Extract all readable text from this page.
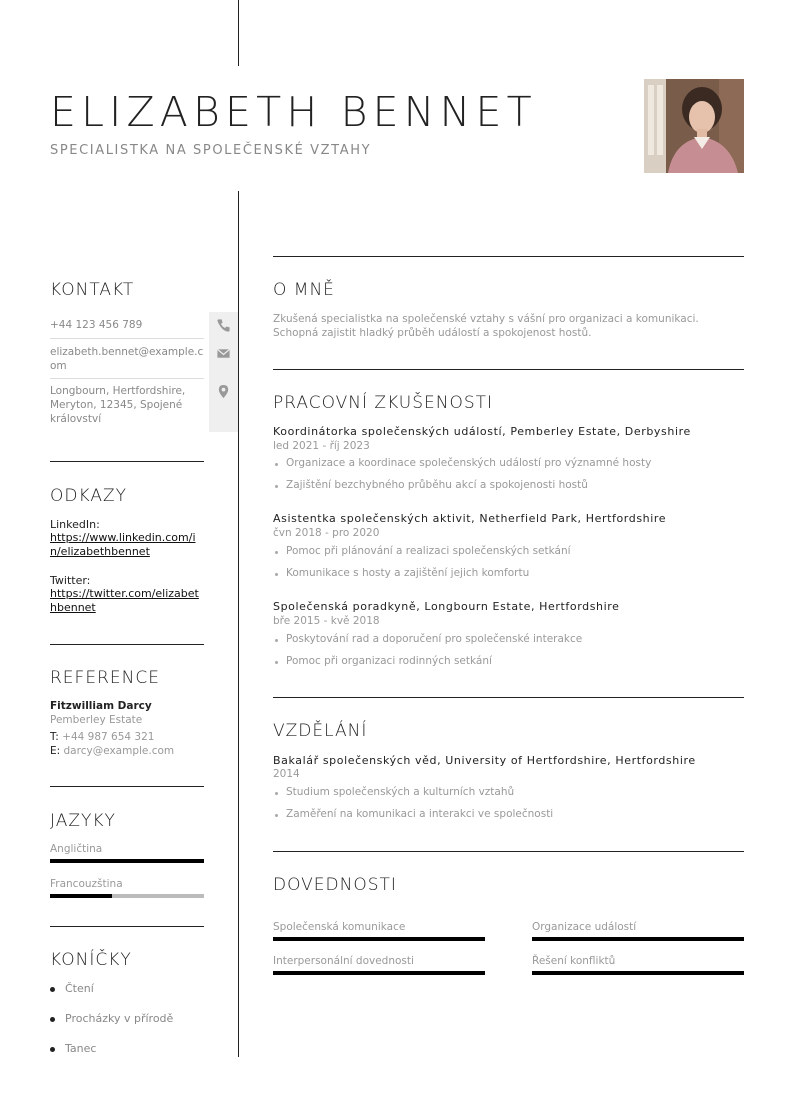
ELIZABETH BENNET
SPECIALISTKA NA SPOLEČENSKÉ VZTAHY
KONTAKT
+44 123 456 789
elizabeth.bennet@example.com
Longbourn, Hertfordshire, Meryton, 12345, Spojené království
ODKAZY
LinkedIn:
https://www.linkedin.com/in/elizabethbennet
Twitter:
https://twitter.com/elizabethbennet
REFERENCE
Fitzwilliam Darcy
Pemberley Estate
T: +44 987 654 321
E: darcy@example.com
JAZYKY
Angličtina
Francouzština
KONÍČKY
Čtení
Procházky v přírodě
Tanec
O MNĚ
Zkušená specialistka na společenské vztahy s vášní pro organizaci a komunikaci. Schopná zajistit hladký průběh událostí a spokojenost hostů.
PRACOVNÍ ZKUŠENOSTI
Koordinátorka společenských událostí, Pemberley Estate, Derbyshire
led 2021 - říj 2023
Organizace a koordinace společenských událostí pro významné hosty
Zajištění bezchybného průběhu akcí a spokojenosti hostů
Asistentka společenských aktivit, Netherfield Park, Hertfordshire
čvn 2018 - pro 2020
Pomoc při plánování a realizaci společenských setkání
Komunikace s hosty a zajištění jejich komfortu
Společenská poradkyně, Longbourn Estate, Hertfordshire
bře 2015 - kvě 2018
Poskytování rad a doporučení pro společenské interakce
Pomoc při organizaci rodinných setkání
VZDĚLÁNÍ
Bakalář společenských věd, University of Hertfordshire, Hertfordshire
2014
Studium společenských a kulturních vztahů
Zaměření na komunikaci a interakci ve společnosti
DOVEDNOSTI
Společenská komunikace	Organizace událostí
Interpersonální dovednosti	Řešení konfliktů
